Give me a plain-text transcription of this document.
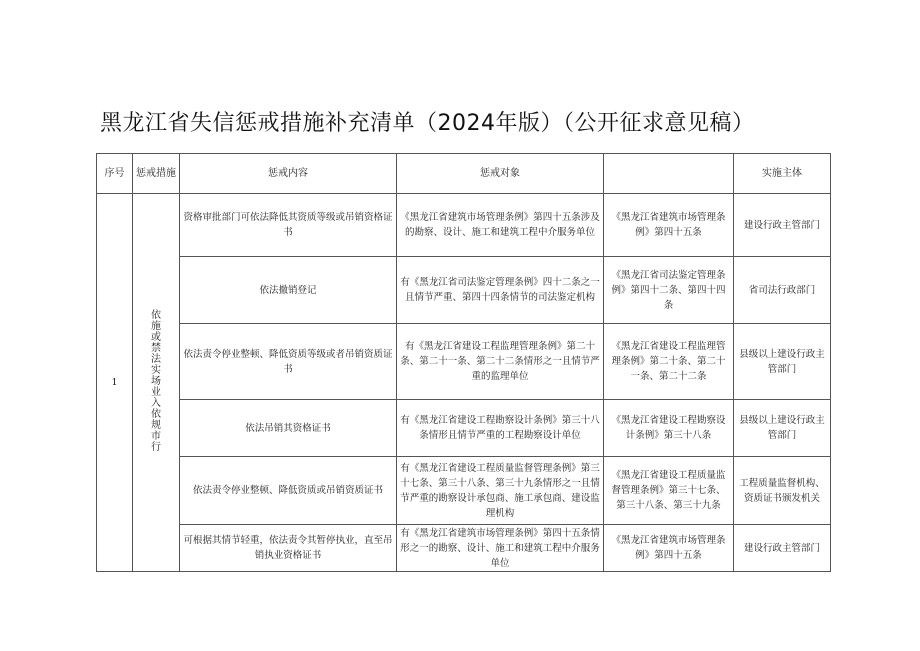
黑龙江省失信惩戒措施补充清单（2024年版）（公开征求意见稿）
序号	惩戒措施	惩戒内容	惩戒对象		实施主体
1	依施或禁法实场业入依规市行	资格审批部门可依法降低其资质等级或吊销资格证书	《黑龙江省建筑市场管理条例》第四十五条涉及的勘察、设计、施工和建筑工程中介服务单位	《黑龙江省建筑市场管理条例》第四十五条	建设行政主管部门
		依法撤销登记	有《黑龙江省司法鉴定管理条例》四十二条之一且情节严重、第四十四条情节的司法鉴定机构	《黑龙江省司法鉴定管理条例》第四十二条、第四十四条	省司法行政部门
		依法责令停业整顿、降低资质等级或者吊销资质证书	有《黑龙江省建设工程监理管理条例》第二十条、第二十一条、第二十二条情形之一且情节严重的监理单位	《黑龙江省建设工程监理管理条例》第二十条、第二十一条、第二十二条	县级以上建设行政主管部门
		依法吊销其资格证书	有《黑龙江省建设工程勘察设计条例》第三十八条情形且情节严重的工程勘察设计单位	《黑龙江省建设工程勘察设计条例》第三十八条	县级以上建设行政主管部门
		依法责令停业整顿、降低资质或吊销资质证书	有《黑龙江省建设工程质量监督管理条例》第三十七条、第三十八条、第三十九条情形之一且情节严重的勘察设计承包商、施工承包商、建设监理机构	《黑龙江省建设工程质量监督管理条例》第三十七条、第三十八条、第三十九条	工程质量监督机构、资质证书颁发机关
		可根据其情节轻重，依法责令其暂停执业，直至吊销执业资格证书	有《黑龙江省建筑市场管理条例》第四十五条情形之一的勘察、设计、施工和建筑工程中介服务单位	《黑龙江省建筑市场管理条例》第四十五条	建设行政主管部门
